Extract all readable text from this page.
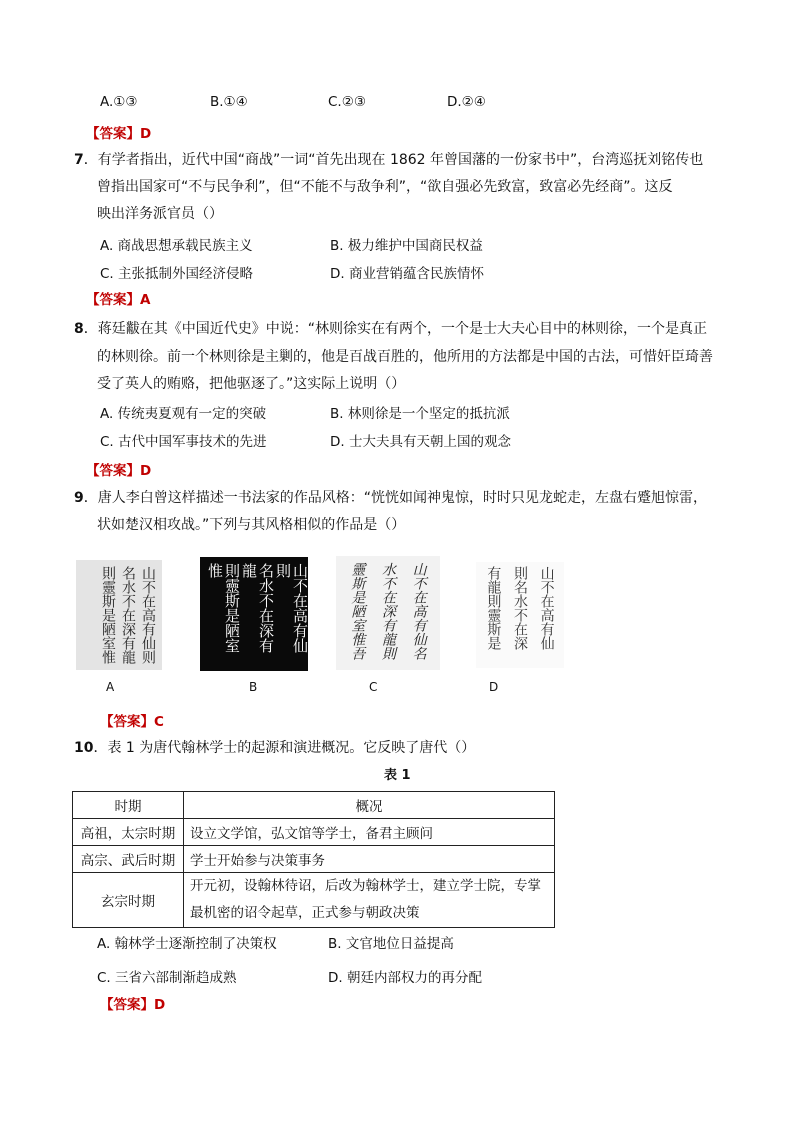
A.①③	B.①④	C.②③	D.②④
【答案】D
7．有学者指出，近代中国“商战”一词“首先出现在 1862 年曾国藩的一份家书中”，台湾巡抚刘铭传也
曾指出国家可“不与民争利”，但“不能不与敌争利”，“欲自强必先致富，致富必先经商”。这反
映出洋务派官员（）
A. 商战思想承载民族主义	B. 极力维护中国商民权益
C. 主张抵制外国经济侵略	D. 商业营销蕴含民族情怀
【答案】A
8．蒋廷黻在其《中国近代史》中说：“林则徐实在有两个，一个是士大夫心目中的林则徐，一个是真正
的林则徐。前一个林则徐是主剿的，他是百战百胜的，他所用的方法都是中国的古法，可惜奸臣琦善
受了英人的贿赂，把他驱逐了。”这实际上说明（）
A. 传统夷夏观有一定的突破	B. 林则徐是一个坚定的抵抗派
C. 古代中国军事技术的先进	D. 士大夫具有天朝上国的观念
【答案】D
9．唐人李白曾这样描述一书法家的作品风格：“恍恍如闻神鬼惊，时时只见龙蛇走，左盘右蹙旭惊雷，
状如楚汉相攻战。”下列与其风格相似的作品是（）
山不在高有仙则
名水不在深有龍
則靈斯是陋室惟	山不在高有仙則
名水不在深有龍
則靈斯是陋室惟	山不在高有仙名
水不在深有龍則
靈斯是陋室惟吾	山不在高有仙
則名水不在深
有龍則靈斯是
A	B	C	D
【答案】C
10．表 1 为唐代翰林学士的起源和演进概况。它反映了唐代（）
表 1
时期	概况
高祖，太宗时期	设立文学馆，弘文馆等学士，备君主顾问
高宗、武后时期	学士开始参与决策事务
玄宗时期	开元初，设翰林待诏，后改为翰林学士，建立学士院，专掌
最机密的诏令起草，正式参与朝政决策
A. 翰林学士逐渐控制了决策权	B. 文官地位日益提高
C. 三省六部制渐趋成熟	D. 朝廷内部权力的再分配
【答案】D
